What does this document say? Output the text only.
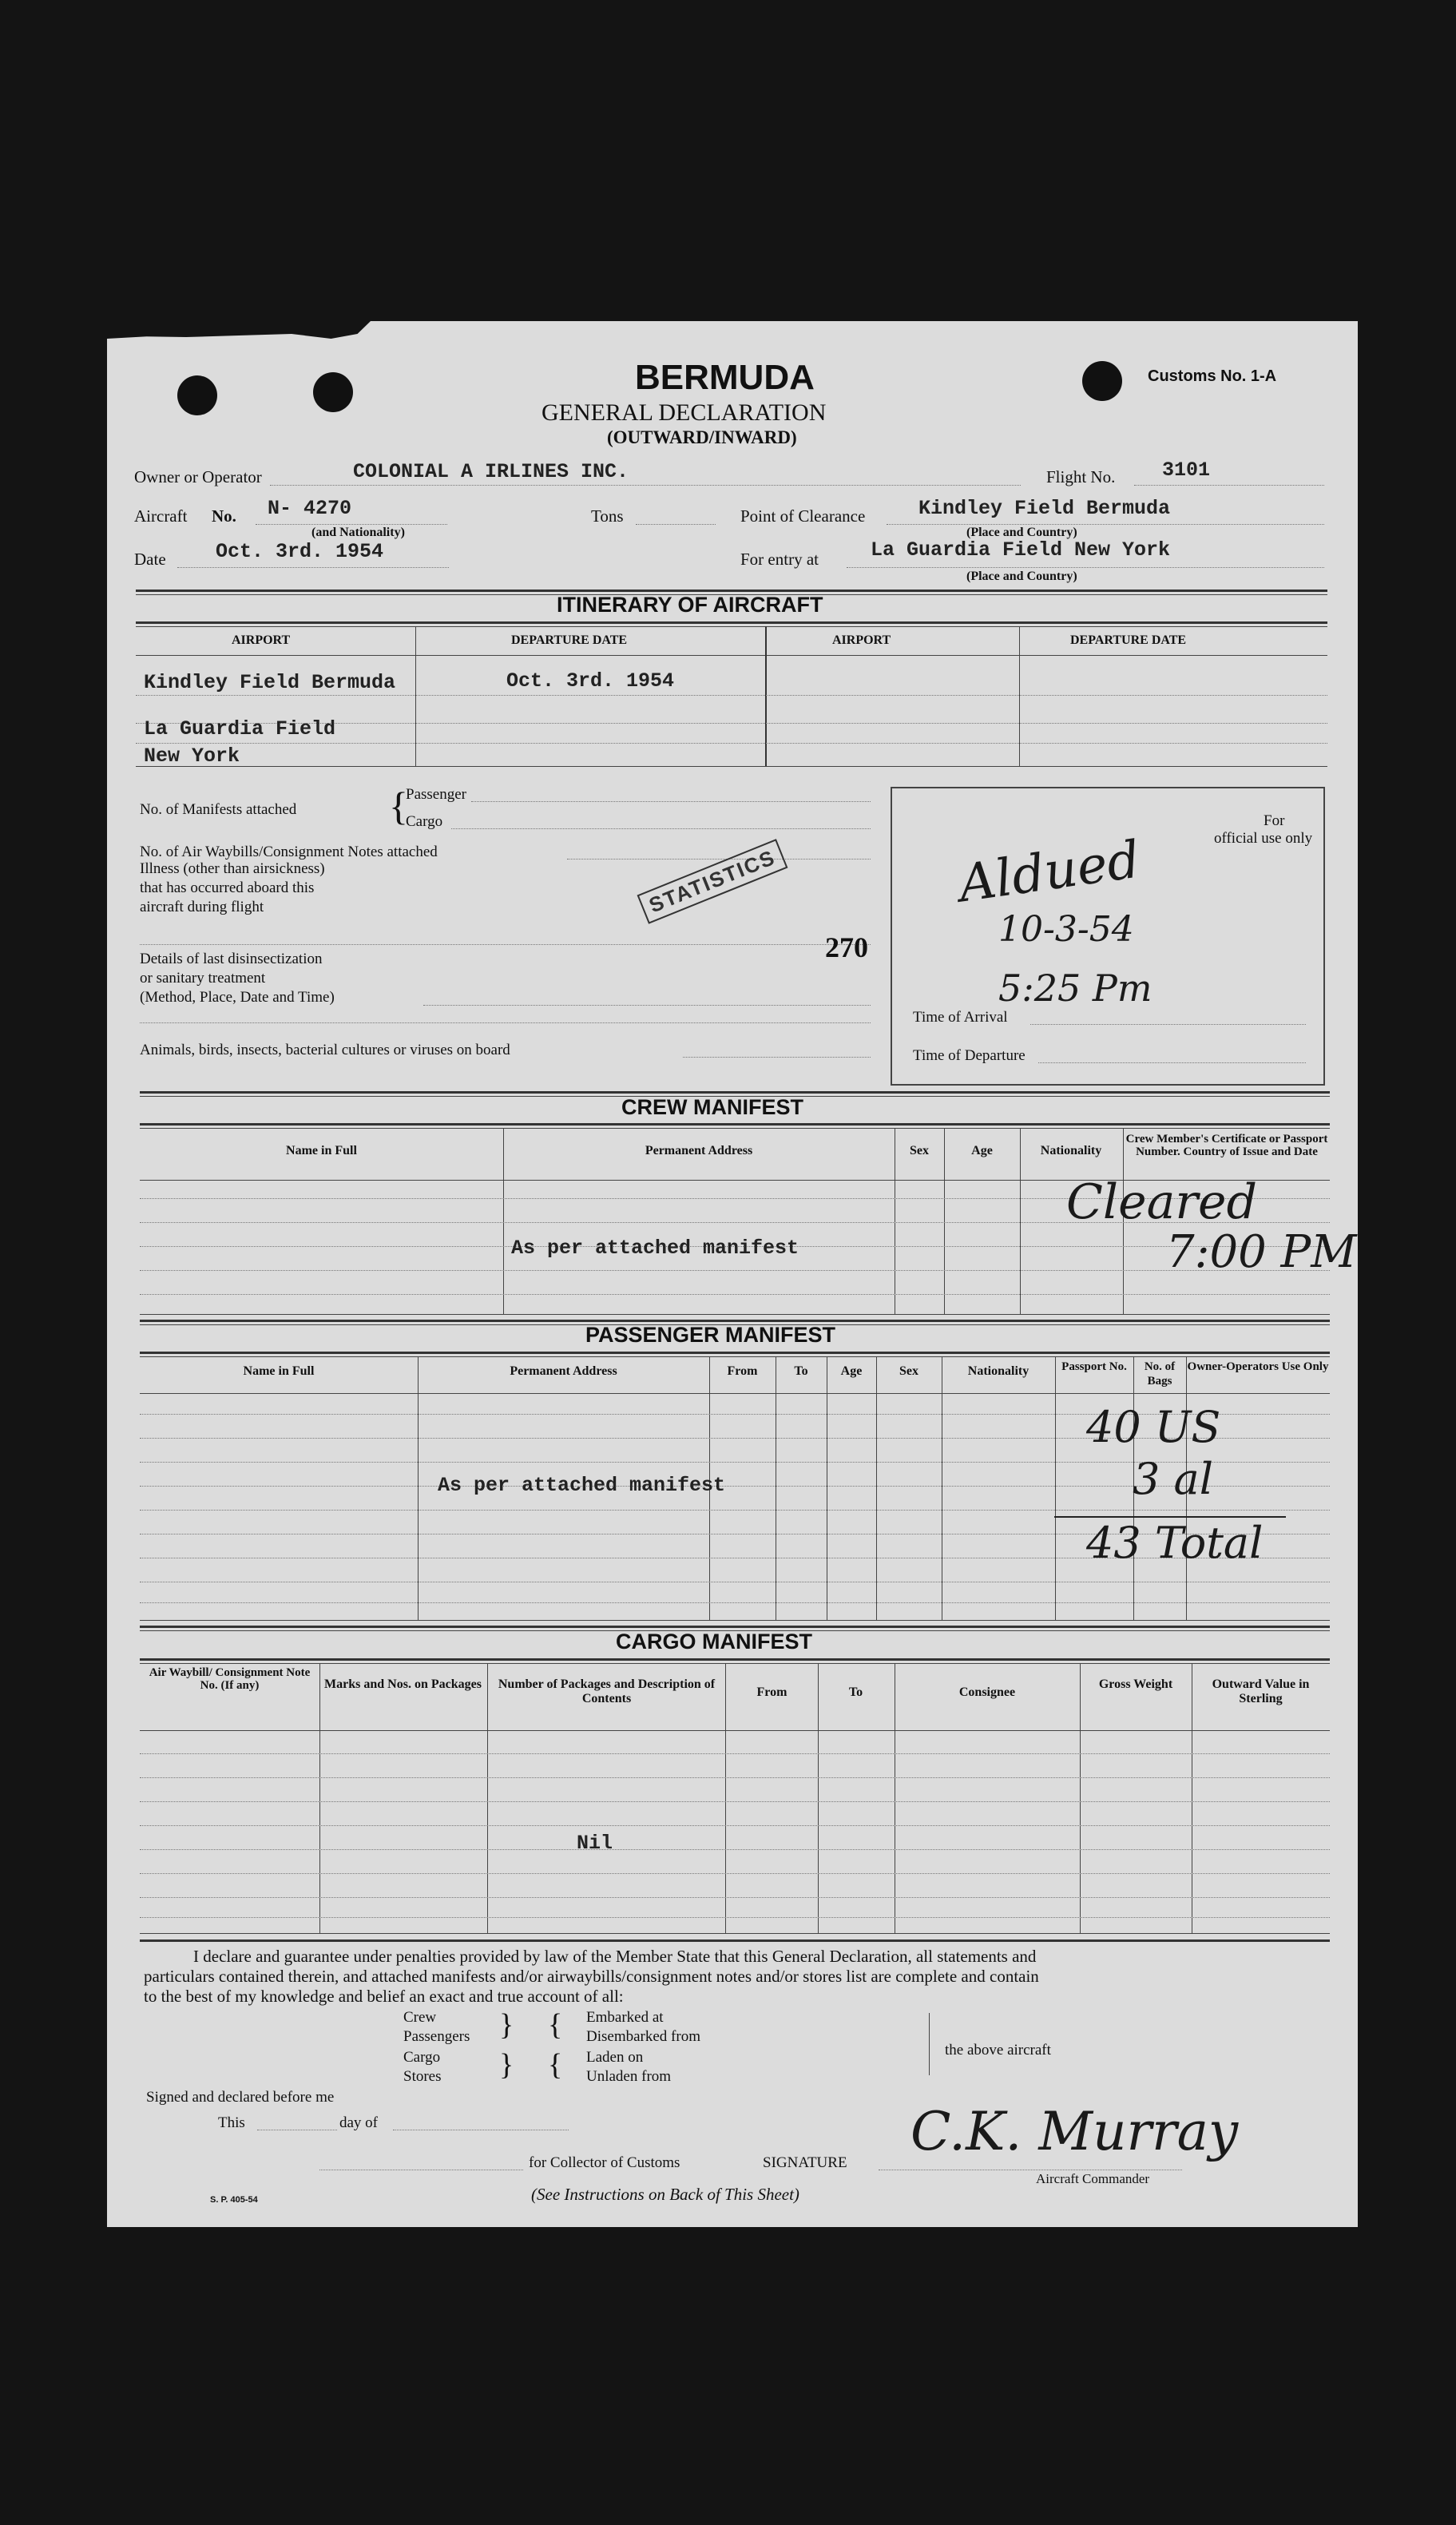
BERMUDA
GENERAL DECLARATION
(OUTWARD/INWARD)
Customs No. 1-A
Owner or Operator	COLONIAL A IRLINES INC.	Flight No. 3101
Aircraft No. N- 4270
(and Nationality)
Tons	Point of Clearance	Kindley Field Bermuda
(Place and Country)
Date Oct. 3rd. 1954	For entry at	La Guardia Field New York
(Place and Country)
ITINERARY OF AIRCRAFT
AIRPORT	DEPARTURE DATE	AIRPORT	DEPARTURE DATE
Kindley Field Bermuda	Oct. 3rd. 1954
La Guardia Field
New York
No. of Manifests attached {
Passenger
Cargo
No. of Air Waybills/Consignment Notes attached
Illness (other than airsickness)
that has occurred aboard this
aircraft during flight
Details of last disinsectization
or sanitary treatment
(Method, Place, Date and Time)
Animals, birds, insects, bacterial cultures or viruses on board
STATISTICS
270
For
official use only
Aldued
10-3-54
5:25 Pm
Time of Arrival
Time of Departure
CREW MANIFEST
Name in Full	Permanent Address	Sex	Age	Nationality
Crew Member's Certificate or Passport Number. Country of Issue and Date
As per attached manifest
Cleared
7:00 PM
PASSENGER MANIFEST
Name in Full	Permanent Address	From	To	Age	Sex	Nationality	Passport No.	No. of Bags
Owner-Operators Use Only
As per attached manifest
40 US
3 al
43 Total
CARGO MANIFEST
Air Waybill/ Consignment Note No. (If any)	Marks and Nos. on Packages	Number of Packages and Description of Contents	From	To	Consignee
Gross Weight	Outward Value in Sterling
Nil
I declare and guarantee under penalties provided by law of the Member State that this General Declaration, all statements and
particulars contained therein, and attached manifests and/or airwaybills/consignment notes and/or stores list are complete and contain
to the best of my knowledge and belief an exact and true account of all:
Crew
Passengers
Cargo
Stores
}
}
{
{
Embarked at
Disembarked from
Laden on
Unladen from
the above aircraft
Signed and declared before me
This	day of
for Collector of Customs	SIGNATURE
C.K. Murray
Aircraft Commander
S. P. 405-54	(See Instructions on Back of This Sheet)
